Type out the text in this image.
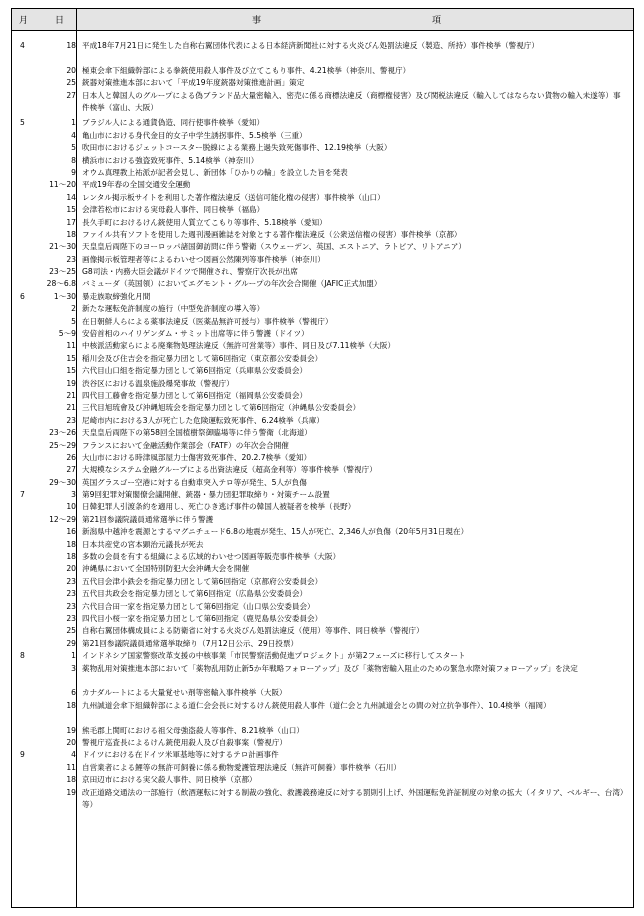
月	日	事　　　　　　　　　　　　　　　　　項
4	18 平成18年7月21日に発生した自称右翼団体代表による日本経済新聞社に対する火炎びん処罰法違反（製造、所持）事件検挙（警視庁）
20 極東会傘下組織幹部による拳銃使用殺人事件及び立てこもり事件、4.21検挙（神奈川、警視庁）
25 銃器対策推進本部において「平成19年度銃器対策推進計画」策定
27 日本人と韓国人のグループによる偽ブランド品大量密輸入、密売に係る商標法違反（商標権侵害）及び関税法違反（輸入してはならない貨物の輸入未遂等）事件検挙（富山、大阪）
5	1 ブラジル人による通貨偽造、同行使事件検挙（愛知）
4 亀山市における身代金目的女子中学生誘拐事件、5.5検挙（三重）
5 吹田市におけるジェットコースター脱線による業務上過失致死傷事件、12.19検挙（大阪）
8 横浜市における強盗致死事件、5.14検挙（神奈川）
9 オウム真理教上祐派が記者会見し、新団体「ひかりの輪」を設立した旨を発表
11～20 平成19年春の全国交通安全運動
14 レンタル掲示板サイトを利用した著作権法違反（送信可能化権の侵害）事件検挙（山口）
15 会津若松市における実母殺人事件、同日検挙（福島）
17 長久手町におけるけん銃使用人質立てこもり等事件、5.18検挙（愛知）
18 ファイル共有ソフトを使用した週刊漫画雑誌を対象とする著作権法違反（公衆送信権の侵害）事件検挙（京都）
21～30 天皇皇后両陛下のヨーロッパ諸国御訪問に伴う警衛（スウェーデン、英国、エストニア、ラトビア、リトアニア）
23 画像掲示板管理者等によるわいせつ図画公然陳列等事件検挙（神奈川）
23～25 G8司法・内務大臣会議がドイツで開催され、警察庁次長が出席
28～6.8 バミューダ（英国領）においてエグモント・グループの年次会合開催（JAFIC正式加盟）
6	1～30 暴走族取締強化月間
2 新たな運転免許制度の施行（中型免許制度の導入等）
5 在日朝鮮人らによる薬事法違反（医薬品無許可授与）事件検挙（警視庁）
5～9 安倍首相のハイリゲンダム・サミット出席等に伴う警護（ドイツ）
11 中核派活動家らによる廃棄物処理法違反（無許可営業等）事件、同日及び7.11検挙（大阪）
15 稲川会及び住吉会を指定暴力団として第6回指定（東京都公安委員会）
15 六代目山口組を指定暴力団として第6回指定（兵庫県公安委員会）
19 渋谷区における温泉施設爆発事故（警視庁）
21 四代目工藤會を指定暴力団として第6回指定（福岡県公安委員会）
21 三代目旭琉會及び沖縄旭琉会を指定暴力団として第6回指定（沖縄県公安委員会）
23 尼崎市内における3人が死亡した危険運転致死事件、6.24検挙（兵庫）
23～26 天皇皇后両陛下の第58回全国植樹祭御臨場等に伴う警衛（北海道）
25～29 フランスにおいて金融活動作業部会（FATF）の年次会合開催
26 大山市における時津風部屋力士傷害致死事件、20.2.7検挙（愛知）
27 大規模なシステム金融グループによる出資法違反（超高金利等）等事件検挙（警視庁）
29～30 英国グラスゴー空港に対する自動車突入テロ等が発生、5人が負傷
7	3 第9回犯罪対策閣僚会議開催、銃器・暴力団犯罪取締り・対策チーム設置
10 日韓犯罪人引渡条約を適用し、死亡ひき逃げ事件の韓国人被疑者を検挙（長野）
12～29 第21回参議院議員通常選挙に伴う警護
16 新潟県中越沖を震源とするマグニチュード6.8の地震が発生、15人が死亡、2,346人が負傷（20年5月31日現在）
18 日本共産党の宮本顕治元議長が死去
18 多数の会員を有する組織による広域的わいせつ図画等販売事件検挙（大阪）
20 沖縄県において全国特別防犯大会沖縄大会を開催
23 五代目会津小鉄会を指定暴力団として第6回指定（京都府公安委員会）
23 五代目共政会を指定暴力団として第6回指定（広島県公安委員会）
23 六代目合田一家を指定暴力団として第6回指定（山口県公安委員会）
23 四代目小桜一家を指定暴力団として第6回指定（鹿児島県公安委員会）
25 自称右翼団体構成員による防衛省に対する火炎びん処罰法違反（使用）等事件、同日検挙（警視庁）
29 第21回参議院議員通常選挙取締り（7月12日公示、29日投票）
8	1 インドネシア国家警察改革支援の中核事業「市民警察活動促進プロジェクト」が第2フェーズに移行してスタート
3 薬物乱用対策推進本部において「薬物乱用防止新5か年戦略フォローアップ」及び「薬物密輸入阻止のための緊急水際対策フォローアップ」を決定
6 カナダルートによる大量覚せい剤等密輸入事件検挙（大阪）
18 九州誠道会傘下組織幹部による道仁会会長に対するけん銃使用殺人事件（道仁会と九州誠道会との間の対立抗争事件）、10.4検挙（福岡）
19 熊毛郡上関町における祖父母強盗殺人等事件、8.21検挙（山口）
20 警視庁巡査長によるけん銃使用殺人及び自殺事案（警視庁）
9	4 ドイツにおける在ドイツ米軍基地等に対するテロ計画事件
11 自営業者による鯉等の無許可飼養に係る動物愛護管理法違反（無許可飼養）事件検挙（石川）
18 京田辺市における実父殺人事件、同日検挙（京都）
19 改正道路交通法の一部施行（飲酒運転に対する制裁の強化、救護義務違反に対する罰則引上げ、外国運転免許証制度の対象の拡大（イタリア、ベルギー、台湾）等）
